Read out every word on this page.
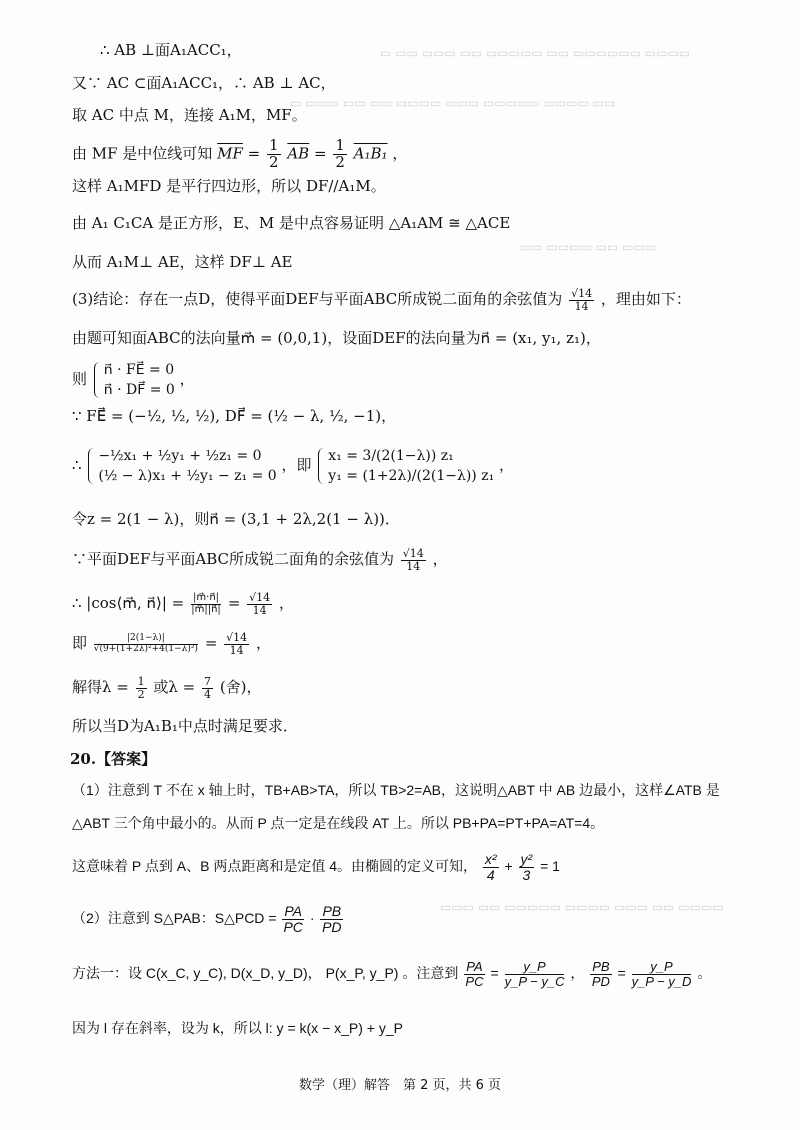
▭ ▭▭ ▭▭▭ ▭▭ ▭▭▭▭▭ ▭▭ ▭▭▭▭▭▭ ▭▭▭▭
▭ ▭▭▭ ▭▭ ▭▭ ▭▭▭▭ ▭▭▭ ▭▭▭▭▭ ▭▭▭▭ ▭▭
▭▭ ▭▭▭▭ ▭▭ ▭▭▭
▭▭▭ ▭▭ ▭▭▭▭▭ ▭▭▭▭ ▭▭▭ ▭▭ ▭▭▭▭
∴ AB ⊥面A₁ACC₁，
又∵ AC ⊂面A₁ACC₁，∴ AB ⊥ AC，
取 AC 中点 M，连接 A₁M，MF。
由 MF 是中位线可知 $\overline{MF} = \frac{1}{2} \overline{AB} = \frac{1}{2} A_1B_1$ ，
这样 A₁MFD 是平行四边形，所以 DF//A₁M。
由 A₁ C₁CA 是正方形，E、M 是中点容易证明 △A₁AM ≅ △ACE
从而 A₁M⊥ AE，这样 DF⊥ AE
(3)结论：存在一点D，使得平面DEF与平面ABC所成锐二面角的余弦值为 $\frac{√14}{14}$ ，理由如下：
由题可知面ABC的法向量m⃗ = (0,0,1)，设面DEF的法向量为n⃗ = (x₁, y₁, z₁)，
则 n⃗ · FE⃗ = 0
n⃗ · DF⃗ = 0
，
∵ FE⃗ = (−½, ½, ½), DF⃗ = (½ − λ, ½, −1)，
∴ −½x₁ + ½y₁ + ½z₁ = 0
(½ − λ)x₁ + ½y₁ − z₁ = 0
，即 x₁ = 3/(2(1−λ)) z₁
y₁ = (1+2λ)/(2(1−λ)) z₁
，
令z = 2(1 − λ)，则n⃗ = (3,1 + 2λ,2(1 − λ))．
∵平面DEF与平面ABC所成锐二面角的余弦值为 $\frac{√14}{14}$ ，
∴ |cos⟨m⃗, n⃗⟩| = $\frac{|m⃗\cdot n⃗|}{|m⃗||n⃗|} = \frac{√14}{14}$ ，
即 $\frac{|2(1-\lambda)|}{\text{√(9+(1+2λ)²+4(1−λ)²)}} = \frac{√14}{14}$ ，
解得$\lambda = \frac{1}{2}$ 或$\lambda = \frac{7}{4}$ (舍)，
所以当D为A₁B₁中点时满足要求．
20.【答案】
（1）注意到 T 不在 x 轴上时，TB+AB>TA，所以 TB>2=AB，这说明△ABT 中 AB 边最小，这样∠ATB 是
△ABT 三个角中最小的。从而 P 点一定是在线段 AT 上。所以 PB+PA=PT+PA=AT=4。
这意味着 P 点到 A、B 两点距离和是定值 4。由椭圆的定义可知， $\frac{\text{x²}}{4} + \frac{\text{y²}}{3} = 1$
（2）注意到 S△PAB：S△PCD = $\frac{PA}{PC} \cdot \frac{PB}{PD}$
方法一：设 C(x_C, y_C), D(x_D, y_D)， P(x_P, y_P) 。注意到 $\frac{PA}{PC} = \frac{y\_P}{y\_P - y\_C}$ ， $\frac{PB}{PD} = \frac{y\_P}{y\_P - y\_D}$ 。
因为 l 存在斜率，设为 k，所以 l: y = k(x − x_P) + y_P
数学（理）解答　第 2 页，共 6 页
